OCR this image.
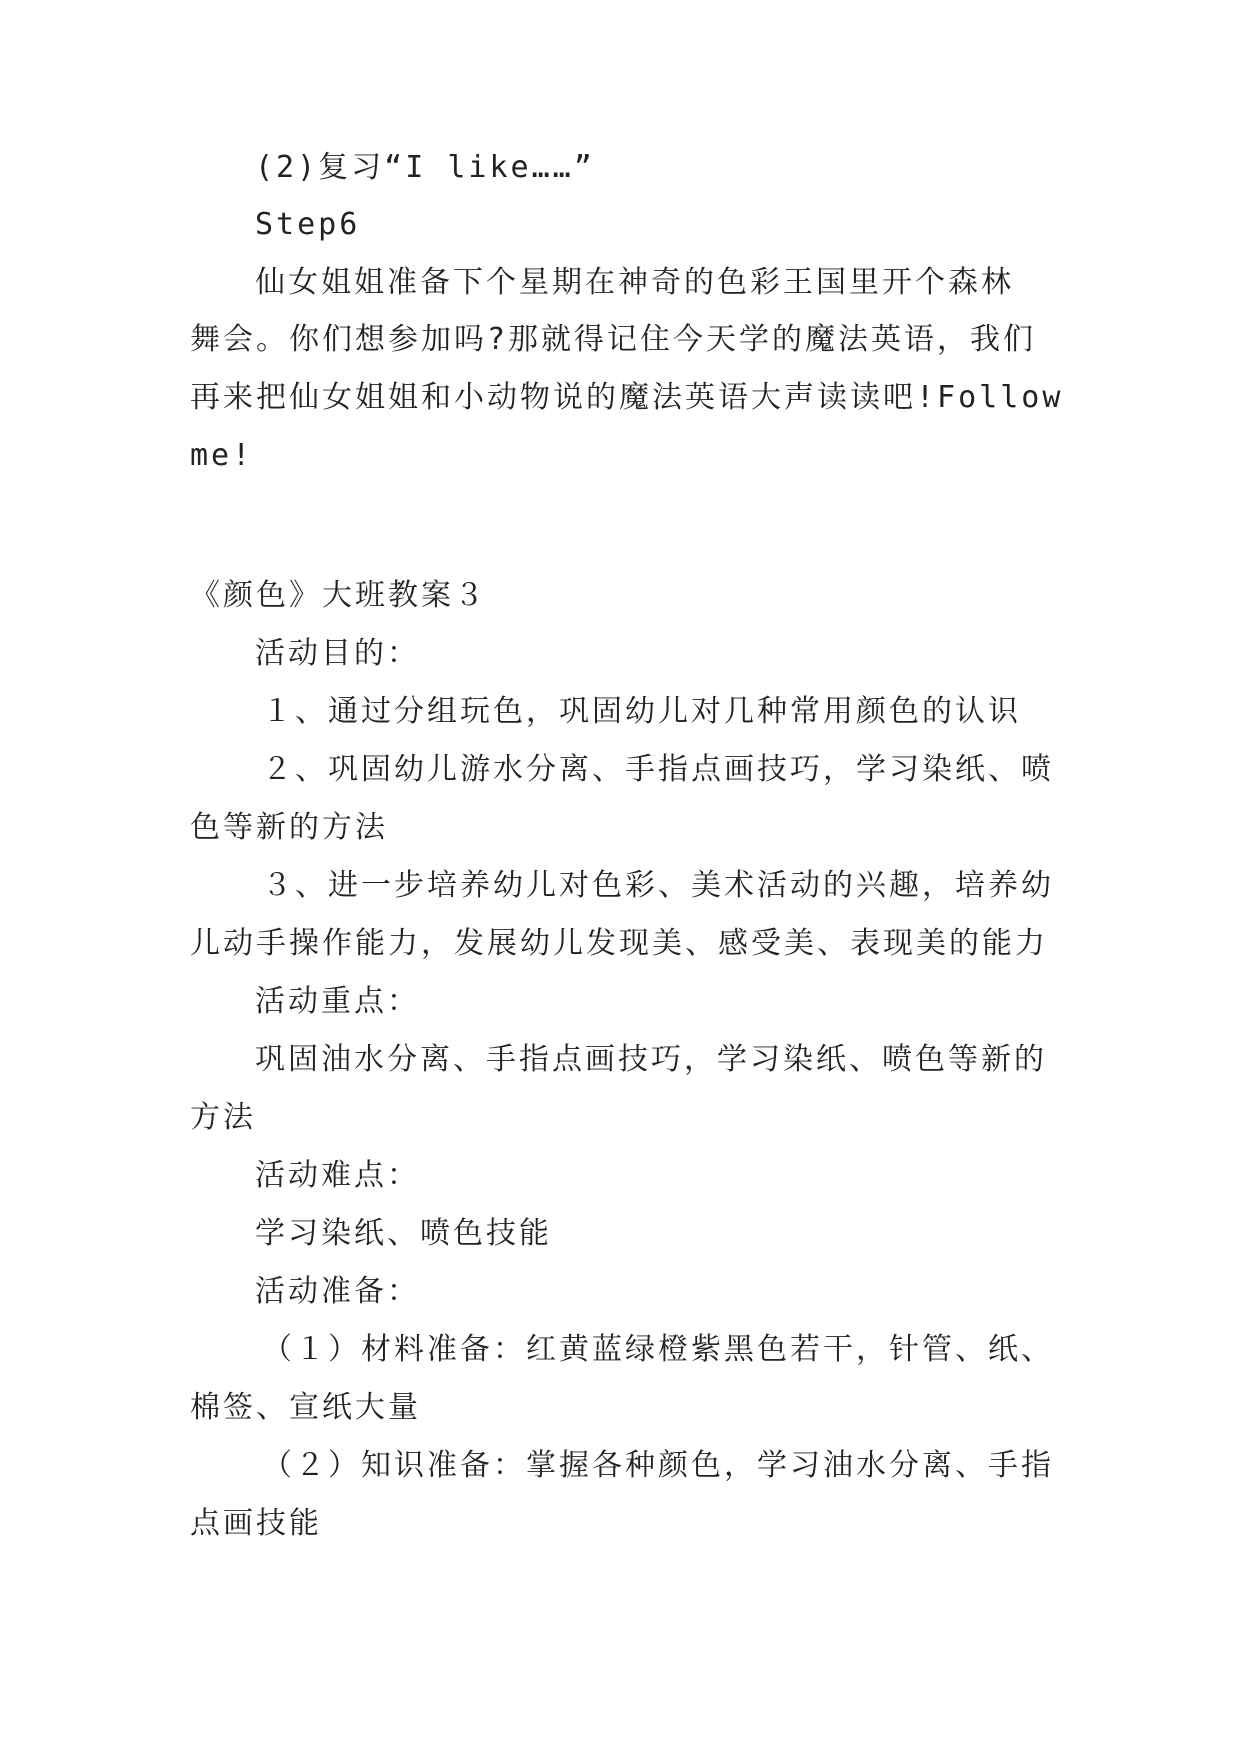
(2)复习“I like……”
Step6
仙女姐姐准备下个星期在神奇的色彩王国里开个森林
舞会。你们想参加吗?那就得记住今天学的魔法英语，我们
再来把仙女姐姐和小动物说的魔法英语大声读读吧!Follow
me!
《颜色》大班教案３
活动目的：
１、通过分组玩色，巩固幼儿对几种常用颜色的认识
２、巩固幼儿游水分离、手指点画技巧，学习染纸、喷
色等新的方法
３、进一步培养幼儿对色彩、美术活动的兴趣，培养幼
儿动手操作能力，发展幼儿发现美、感受美、表现美的能力
活动重点：
巩固油水分离、手指点画技巧，学习染纸、喷色等新的
方法
活动难点：
学习染纸、喷色技能
活动准备：
（１）材料准备：红黄蓝绿橙紫黑色若干，针管、纸、
棉签、宣纸大量
（２）知识准备：掌握各种颜色，学习油水分离、手指
点画技能
